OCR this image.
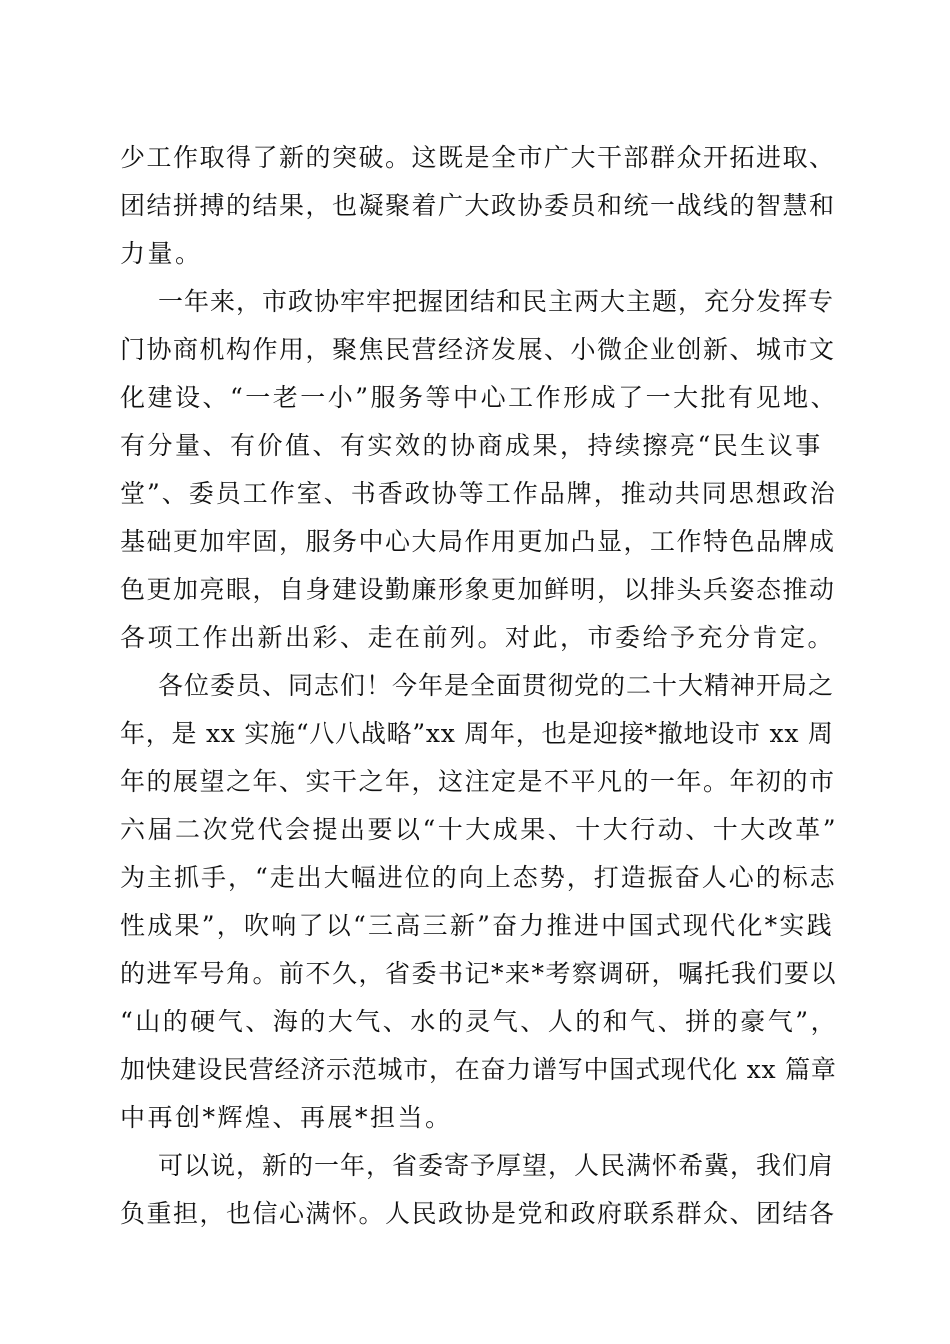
少工作取得了新的突破。这既是全市广大干部群众开拓进取、
团结拼搏的结果，也凝聚着广大政协委员和统一战线的智慧和
力量。
一年来，市政协牢牢把握团结和民主两大主题，充分发挥专
门协商机构作用，聚焦民营经济发展、小微企业创新、城市文
化建设、“一老一小”服务等中心工作形成了一大批有见地、
有分量、有价值、有实效的协商成果，持续擦亮“民生议事
堂”、委员工作室、书香政协等工作品牌，推动共同思想政治
基础更加牢固，服务中心大局作用更加凸显，工作特色品牌成
色更加亮眼，自身建设勤廉形象更加鲜明，以排头兵姿态推动
各项工作出新出彩、走在前列。对此，市委给予充分肯定。
各位委员、同志们！今年是全面贯彻党的二十大精神开局之
年，是 xx 实施“八八战略”xx 周年，也是迎接*撤地设市 xx 周
年的展望之年、实干之年，这注定是不平凡的一年。年初的市
六届二次党代会提出要以“十大成果、十大行动、十大改革”
为主抓手，“走出大幅进位的向上态势，打造振奋人心的标志
性成果”，吹响了以“三高三新”奋力推进中国式现代化*实践
的进军号角。前不久，省委书记*来*考察调研，嘱托我们要以
“山的硬气、海的大气、水的灵气、人的和气、拼的豪气”，
加快建设民营经济示范城市，在奋力谱写中国式现代化 xx 篇章
中再创*辉煌、再展*担当。
可以说，新的一年，省委寄予厚望，人民满怀希冀，我们肩
负重担，也信心满怀。人民政协是党和政府联系群众、团结各
